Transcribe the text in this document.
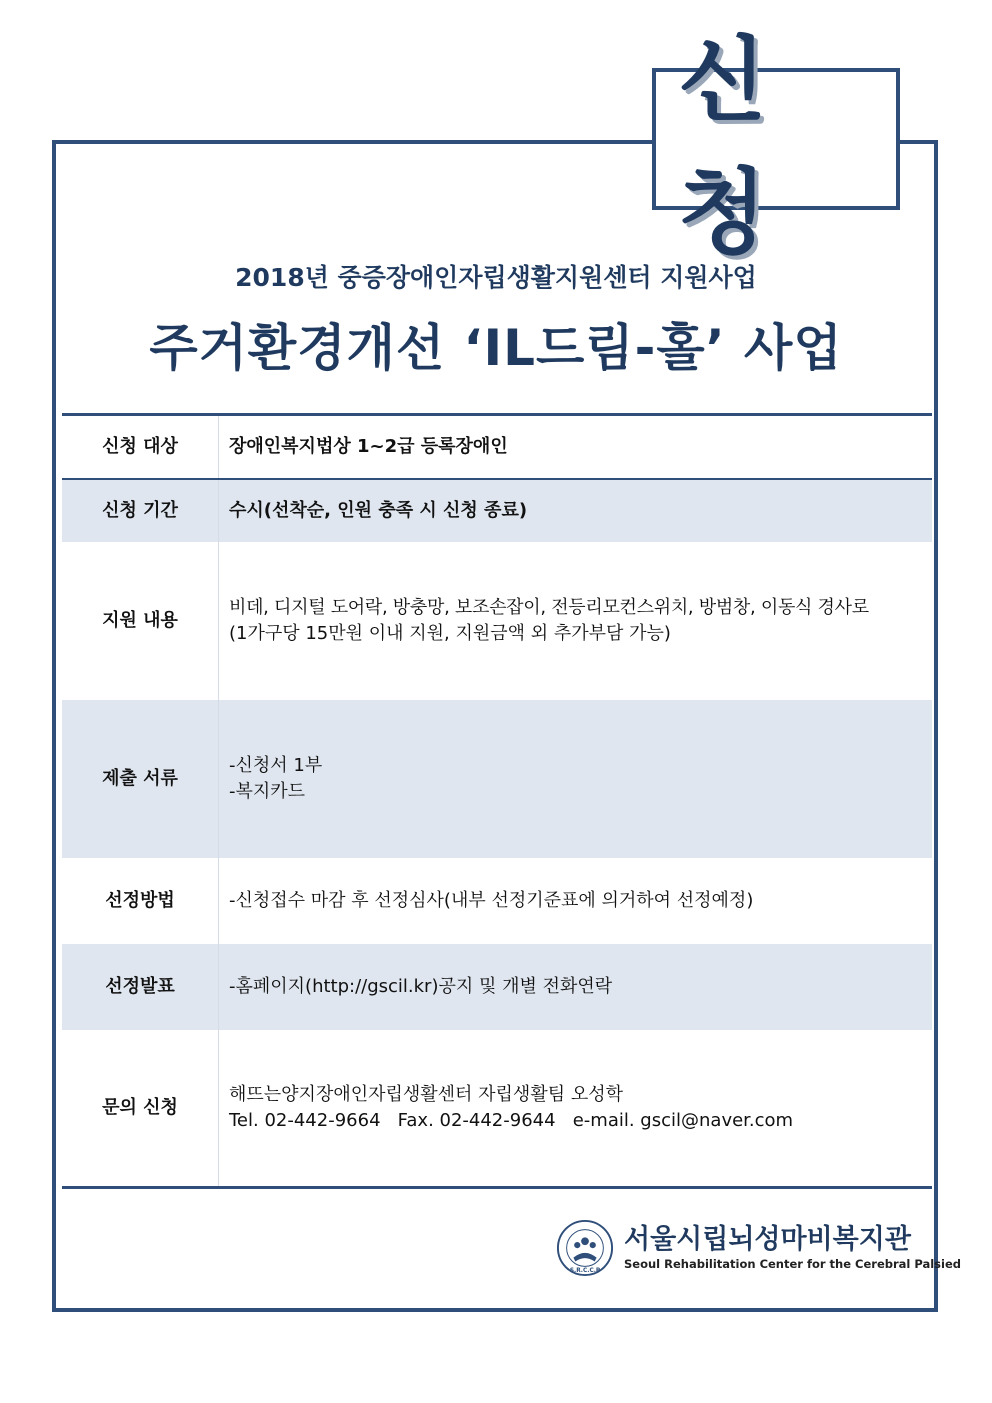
신청
2018년 중증장애인자립생활지원센터 지원사업
주거환경개선 ‘IL드림-홀’ 사업
신청 대상	장애인복지법상 1~2급 등록장애인
신청 기간	수시(선착순, 인원 충족 시 신청 종료)
지원 내용	비데, 디지털 도어락, 방충망, 보조손잡이, 전등리모컨스위치, 방범창, 이동식 경사로
(1가구당 15만원 이내 지원, 지원금액 외 추가부담 가능)

제출 서류	-신청서 1부
-복지카드

선정방법	-신청접수 마감 후 선정심사(내부 선정기준표에 의거하여 선정예정)
선정발표	-홈페이지(http://gscil.kr)공지 및 개별 전화연락
문의 신청	해뜨는양지장애인자립생활센터 자립생활팀 오성학
Tel. 02-442-9664   Fax. 02-442-9644   e-mail. gscil@naver.com
S.R.C.C.P
서울시립뇌성마비복지관
Seoul Rehabilitation Center for the Cerebral Palsied
